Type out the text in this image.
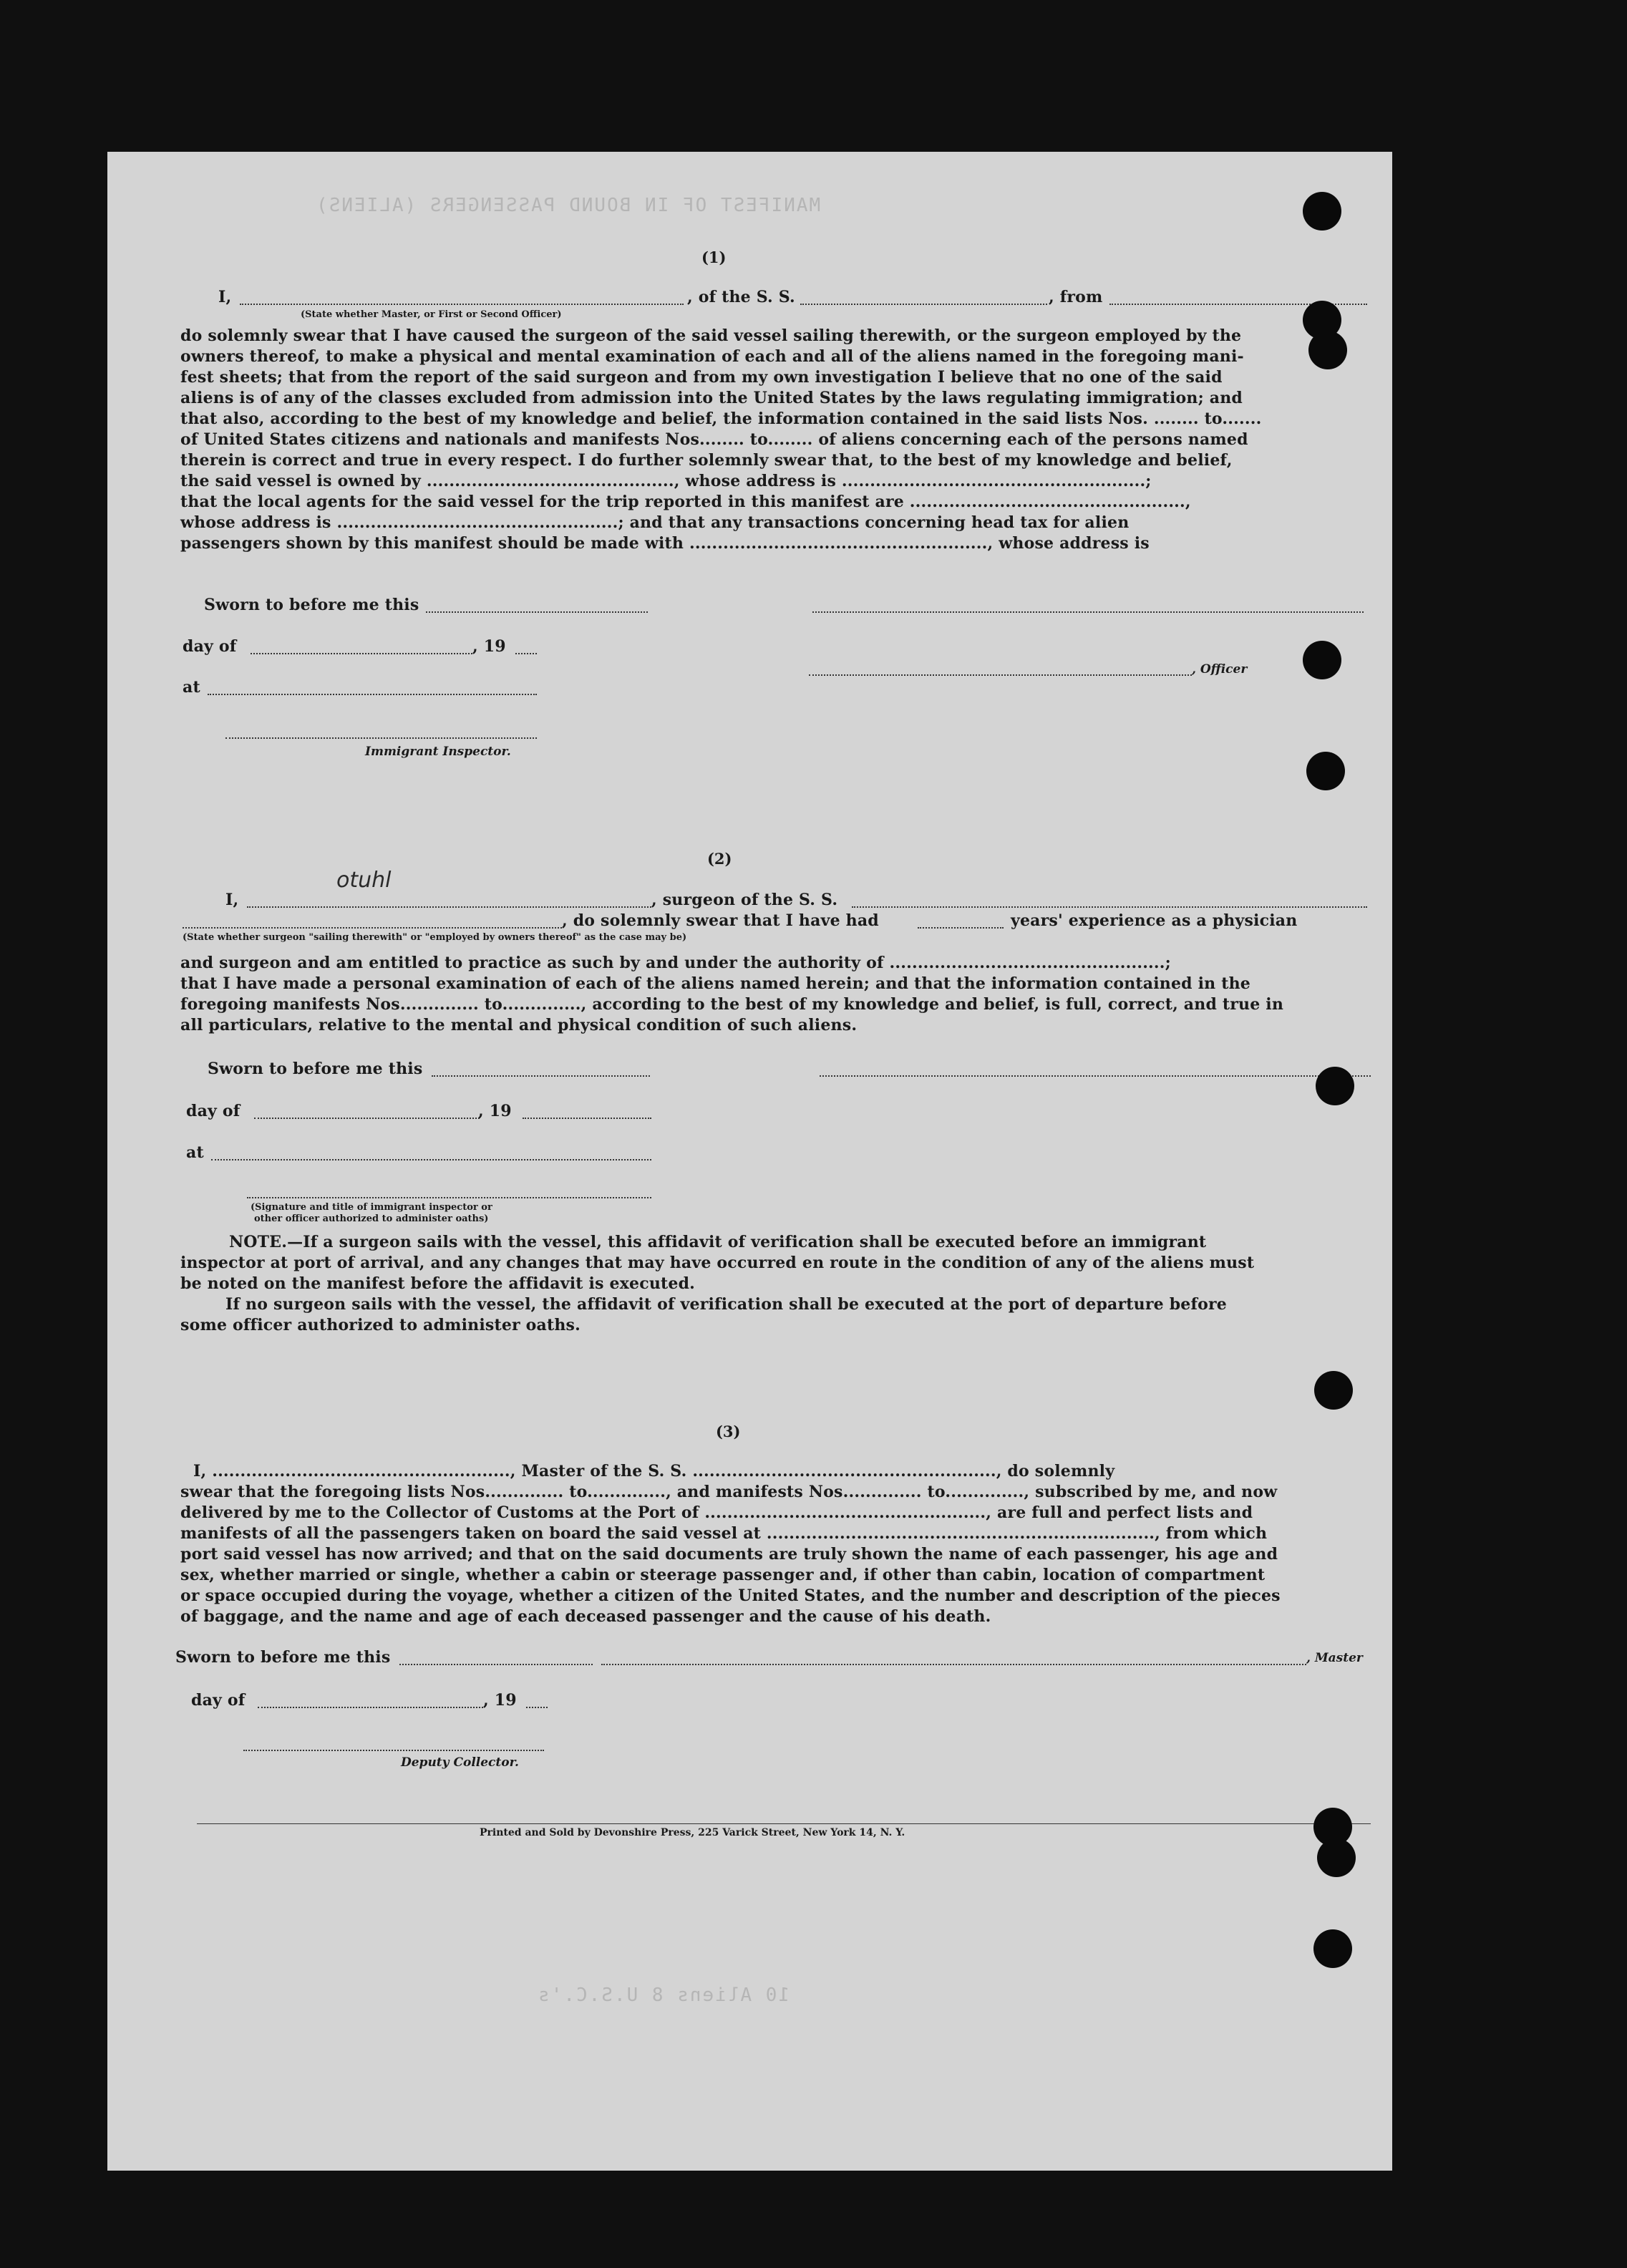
MANIFEST OF IN BOUND PASSENGERS (ALIENS)
10 Aliens 8 U.S.C.'s
(1)
I,	, of the S. S.	, from
(State whether Master, or First or Second Officer)
do solemnly swear that I have caused the surgeon of the said vessel sailing therewith, or the surgeon employed by the
owners thereof, to make a physical and mental examination of each and all of the aliens named in the foregoing mani-
fest sheets; that from the report of the said surgeon and from my own investigation I believe that no one of the said
aliens is of any of the classes excluded from admission into the United States by the laws regulating immigration; and
that also, according to the best of my knowledge and belief, the information contained in the said lists Nos. ........ to.......
of United States citizens and nationals and manifests Nos........ to........ of aliens concerning each of the persons named
therein is correct and true in every respect. I do further solemnly swear that, to the best of my knowledge and belief,
the said vessel is owned by ............................................, whose address is ......................................................;
that the local agents for the said vessel for the trip reported in this manifest are .................................................,
whose address is ..................................................; and that any transactions concerning head tax for alien
passengers shown by this manifest should be made with ....................................................., whose address is
Sworn to before me this
day of	, 19
, Officer
at
Immigrant Inspector.
(2)
I,
otuhl
, surgeon of the S. S.
, do solemnly swear that I have had	years' experience as a physician
(State whether surgeon "sailing therewith" or "employed by owners thereof" as the case may be)
and surgeon and am entitled to practice as such by and under the authority of .................................................;
that I have made a personal examination of each of the aliens named herein; and that the information contained in the
foregoing manifests Nos.............. to.............., according to the best of my knowledge and belief, is full, correct, and true in
all particulars, relative to the mental and physical condition of such aliens.
Sworn to before me this
day of	, 19
at
(Signature and title of immigrant inspector or
other officer authorized to administer oaths)
NOTE.—If a surgeon sails with the vessel, this affidavit of verification shall be executed before an immigrant
inspector at port of arrival, and any changes that may have occurred en route in the condition of any of the aliens must
be noted on the manifest before the affidavit is executed.
If no surgeon sails with the vessel, the affidavit of verification shall be executed at the port of departure before
some officer authorized to administer oaths.
(3)
I, ....................................................., Master of the S. S. ......................................................, do solemnly
swear that the foregoing lists Nos.............. to.............., and manifests Nos.............. to.............., subscribed by me, and now
delivered by me to the Collector of Customs at the Port of .................................................., are full and perfect lists and
manifests of all the passengers taken on board the said vessel at ....................................................................., from which
port said vessel has now arrived; and that on the said documents are truly shown the name of each passenger, his age and
sex, whether married or single, whether a cabin or steerage passenger and, if other than cabin, location of compartment
or space occupied during the voyage, whether a citizen of the United States, and the number and description of the pieces
of baggage, and the name and age of each deceased passenger and the cause of his death.
Sworn to before me this	, Master
day of	, 19
Deputy Collector.
Printed and Sold by Devonshire Press, 225 Varick Street, New York 14, N. Y.
